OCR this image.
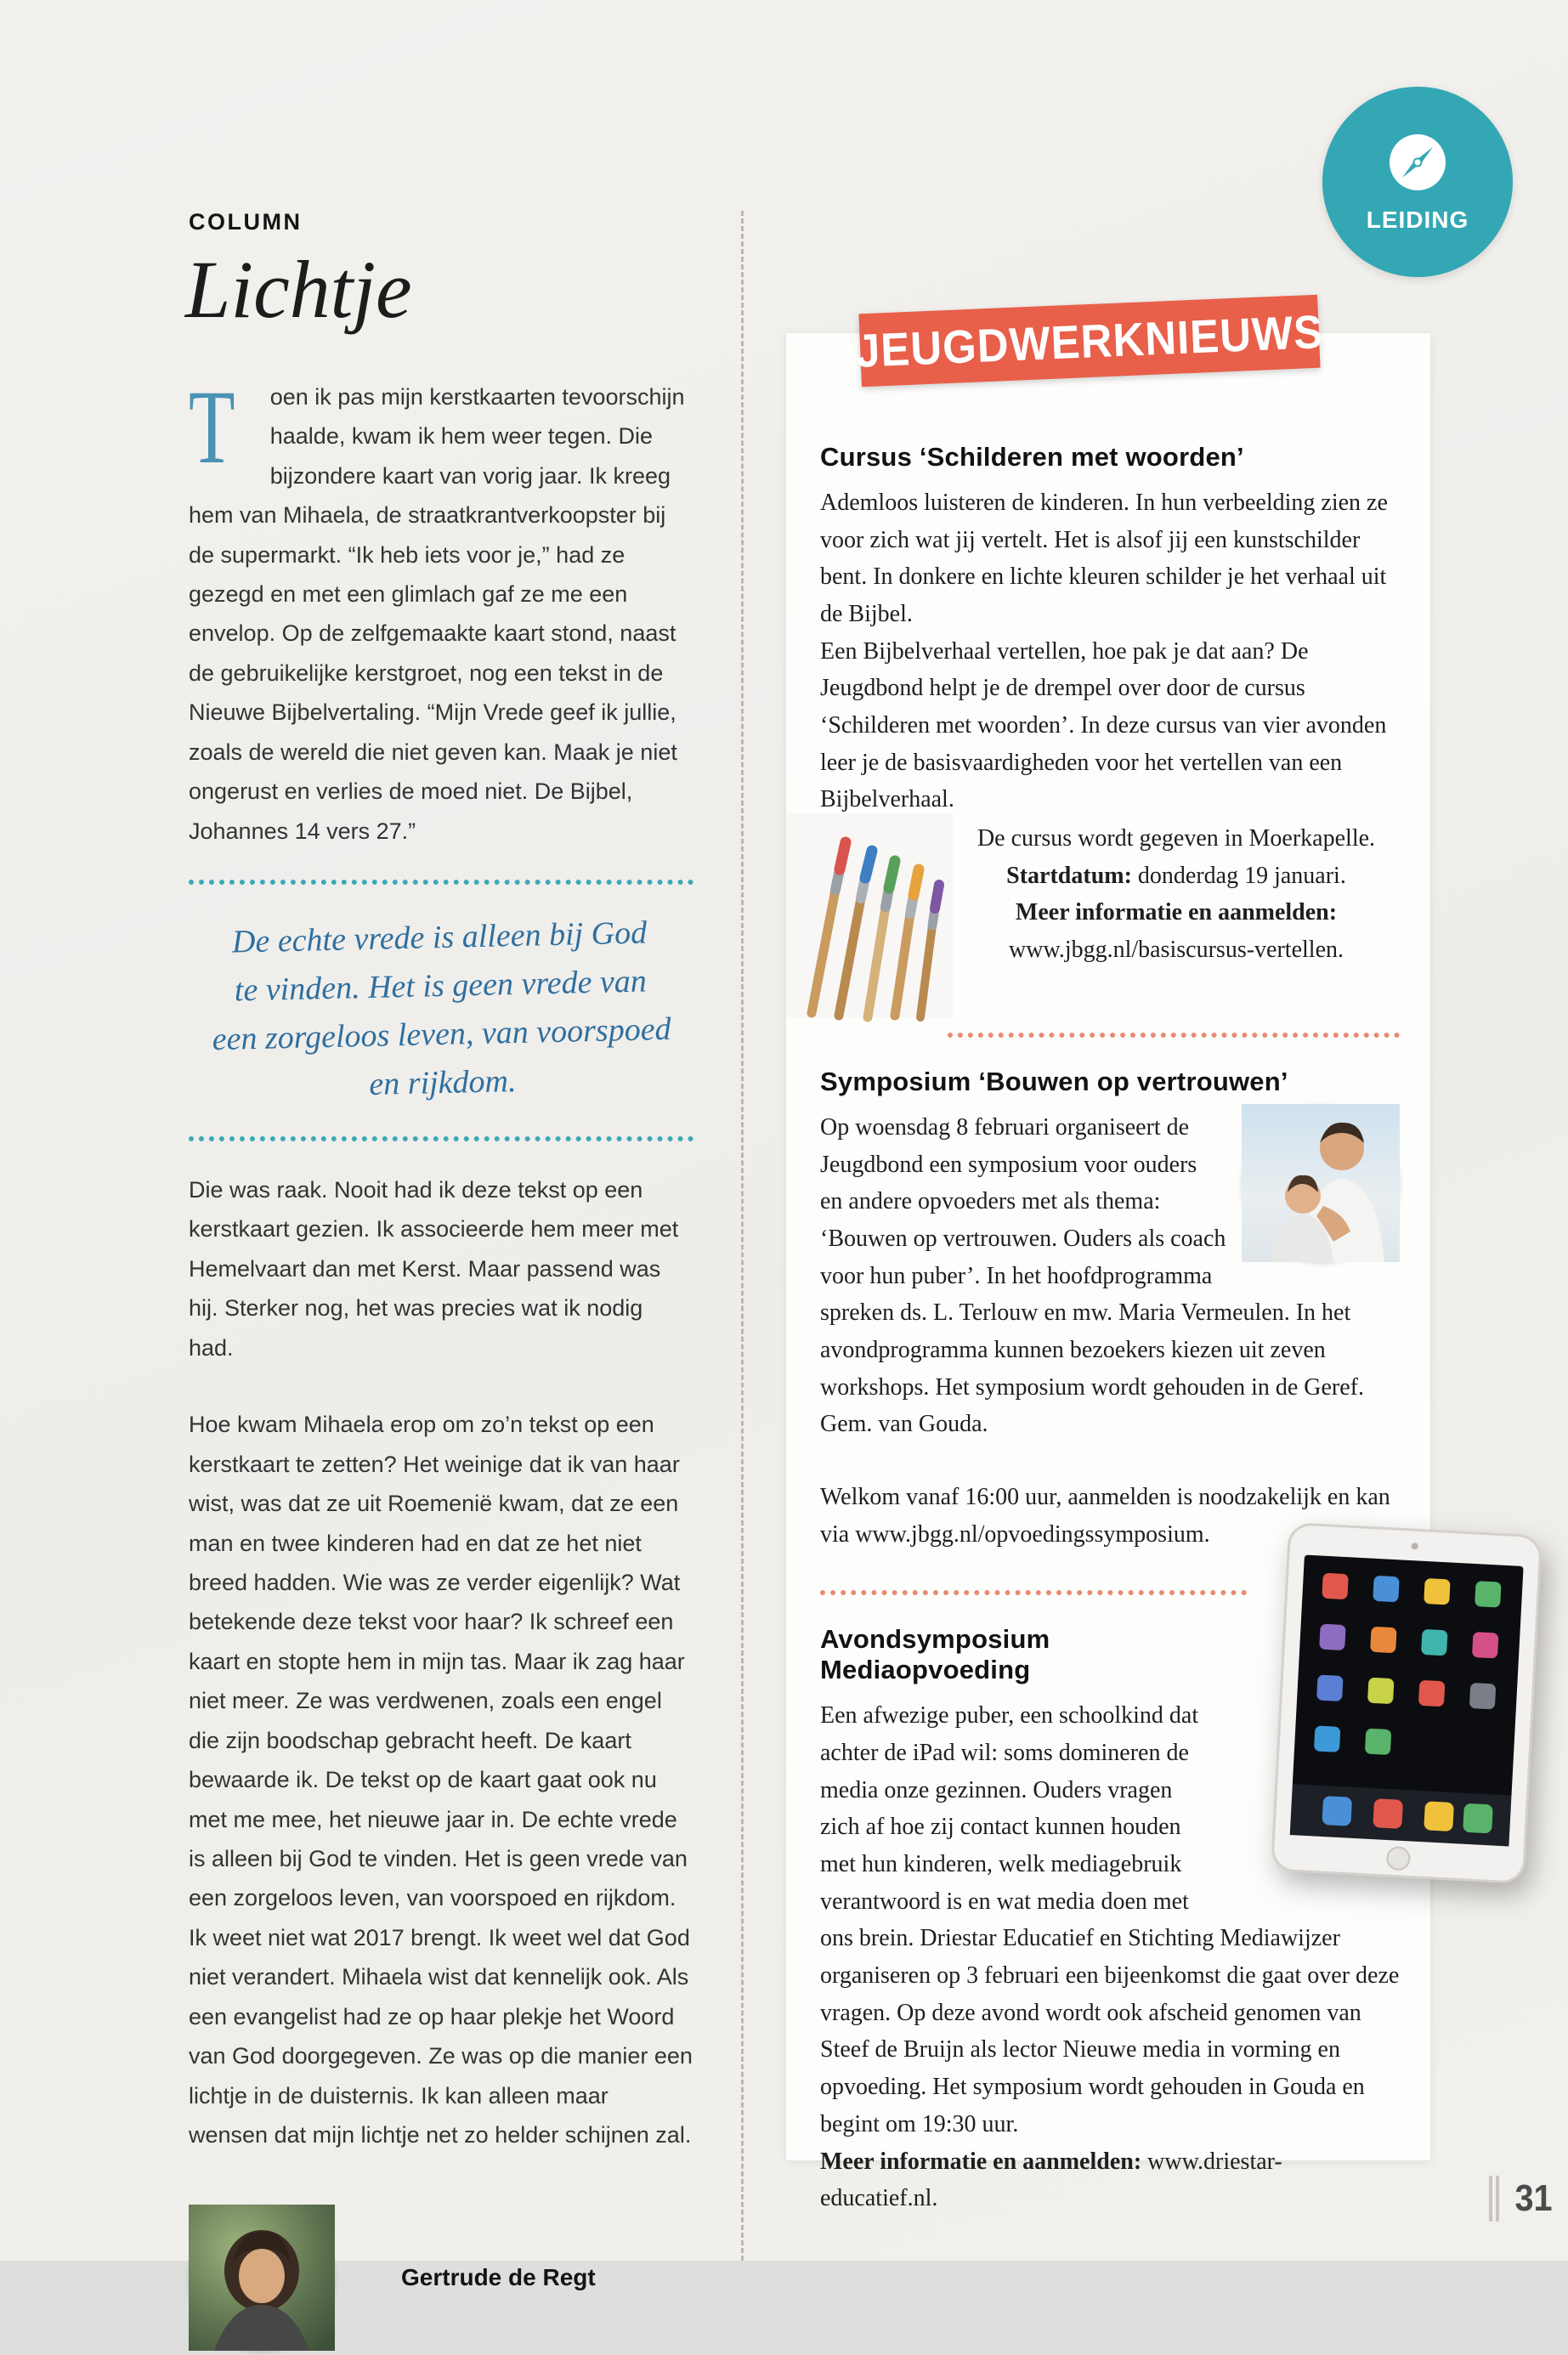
LEIDING
COLUMN
Lichtje

T oen ik pas mijn kerstkaarten tevoorschijn haalde, kwam ik hem weer tegen. Die bijzondere kaart van vorig jaar. Ik kreeg hem van Mihaela, de straatkrantverkoopster bij de supermarkt. “Ik heb iets voor je,” had ze gezegd en met een glimlach gaf ze me een envelop. Op de zelfgemaakte kaart stond, naast de gebruikelijke kerstgroet, nog een tekst in de Nieuwe Bijbelvertaling. “Mijn Vrede geef ik jullie, zoals de wereld die niet geven kan. Maak je niet ongerust en verlies de moed niet. De Bijbel, Johannes 14 vers 27.”

De echte vrede is alleen bij God
te vinden. Het is geen vrede van
een zorgeloos leven, van voorspoed
en rijkdom.

Die was raak. Nooit had ik deze tekst op een kerstkaart gezien. Ik associeerde hem meer met Hemelvaart dan met Kerst. Maar passend was hij. Sterker nog, het was precies wat ik nodig had.

Hoe kwam Mihaela erop om zo’n tekst op een kerstkaart te zetten? Het weinige dat ik van haar wist, was dat ze uit Roemenië kwam, dat ze een man en twee kinderen had en dat ze het niet breed hadden. Wie was ze verder eigenlijk? Wat betekende deze tekst voor haar? Ik schreef een kaart en stopte hem in mijn tas. Maar ik zag haar niet meer. Ze was verdwenen, zoals een engel die zijn boodschap gebracht heeft. De kaart bewaarde ik. De tekst op de kaart gaat ook nu met me mee, het nieuwe jaar in. De echte vrede is alleen bij God te vinden. Het is geen vrede van een zorgeloos leven, van voorspoed en rijkdom. Ik weet niet wat 2017 brengt. Ik weet wel dat God niet verandert. Mihaela wist dat kennelijk ook. Als een evangelist had ze op haar plekje het Woord van God doorgegeven. Ze was op die manier een lichtje in de duisternis. Ik kan alleen maar wensen dat mijn lichtje net zo helder schijnen zal.

Gertrude de Regt
JEUGDWERKNIEUWS
Cursus ‘Schilderen met woorden’

Ademloos luisteren de kinderen. In hun verbeelding zien ze voor zich wat jij vertelt. Het is alsof jij een kunstschilder bent. In donkere en lichte kleuren schilder je het verhaal uit de Bijbel.

Een Bijbelverhaal vertellen, hoe pak je dat aan? De Jeugdbond helpt je de drempel over door de cursus ‘Schilderen met woorden’. In deze cursus van vier avonden leer je de basisvaardigheden voor het vertellen van een Bijbelverhaal.

De cursus wordt gegeven in Moerkapelle.
Startdatum: donderdag 19 januari.
Meer informatie en aanmelden:
www.jbgg.nl/basiscursus-vertellen.
Symposium ‘Bouwen op vertrouwen’

Op woensdag 8 februari organiseert de Jeugdbond een symposium voor ouders en andere opvoeders met als thema: ‘Bouwen op vertrouwen. Ouders als coach voor hun puber’. In het hoofdprogramma spreken ds. L. Terlouw en mw. Maria Vermeulen. In het avondprogramma kunnen bezoekers kiezen uit zeven workshops. Het symposium wordt gehouden in de Geref. Gem. van Gouda.

Welkom vanaf 16:00 uur, aanmelden is noodzakelijk en kan via www.jbgg.nl/opvoedingssymposium.

Avondsymposium Mediaopvoeding

Een afwezige puber, een schoolkind dat achter de iPad wil: soms domineren de media onze gezinnen. Ouders vragen zich af hoe zij contact kunnen houden met hun kinderen, welk mediagebruik verantwoord is en wat media doen met ons brein. Driestar Educatief en Stichting Mediawijzer organiseren op 3 februari een bijeenkomst die gaat over deze vragen. Op deze avond wordt ook afscheid genomen van Steef de Bruijn als lector Nieuwe media in vorming en opvoeding. Het symposium wordt gehouden in Gouda en begint om 19:30 uur.

Meer informatie en aanmelden: www.driestar-educatief.nl.	31
